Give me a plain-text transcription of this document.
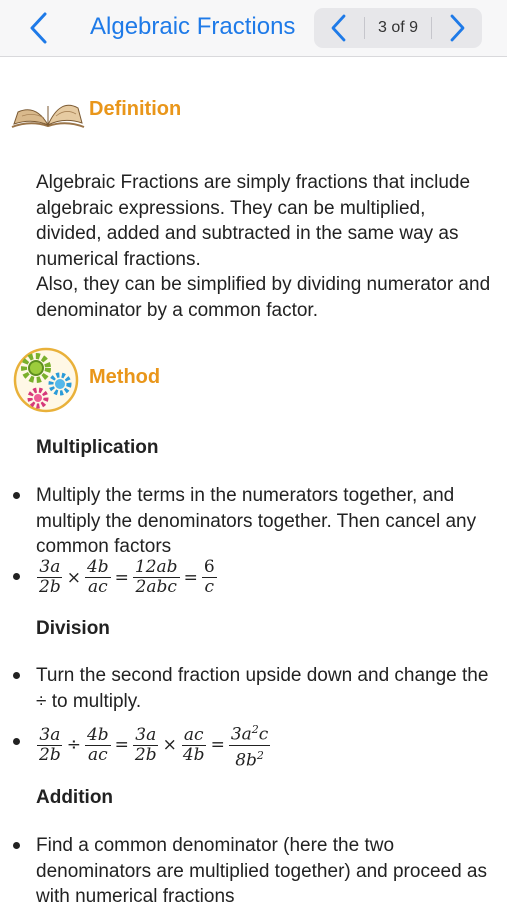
Algebraic Fractions	3 of 9
Definition
Algebraic Fractions are simply fractions that include algebraic expressions. They can be multiplied, divided, added and subtracted in the same way as numerical fractions.
Also, they can be simplified by dividing numerator and denominator by a common factor.
Method
Multiplication
Multiply the terms in the numerators together, and multiply the denominators together. Then cancel any common factors
$\frac{3a}{2b} \times \frac{4b}{ac} = \frac{12ab}{\text{2abc}} = \frac{6}{c}$
Division
Turn the second fraction upside down and change the ÷ to multiply.
$\frac{3a}{2b} \div \frac{4b}{ac} = \frac{3a}{2b} \times \frac{ac}{4b} = \frac{3a^2c}{8b^2}$
Addition
Find a common denominator (here the two denominators are multiplied together) and proceed as with numerical fractions
